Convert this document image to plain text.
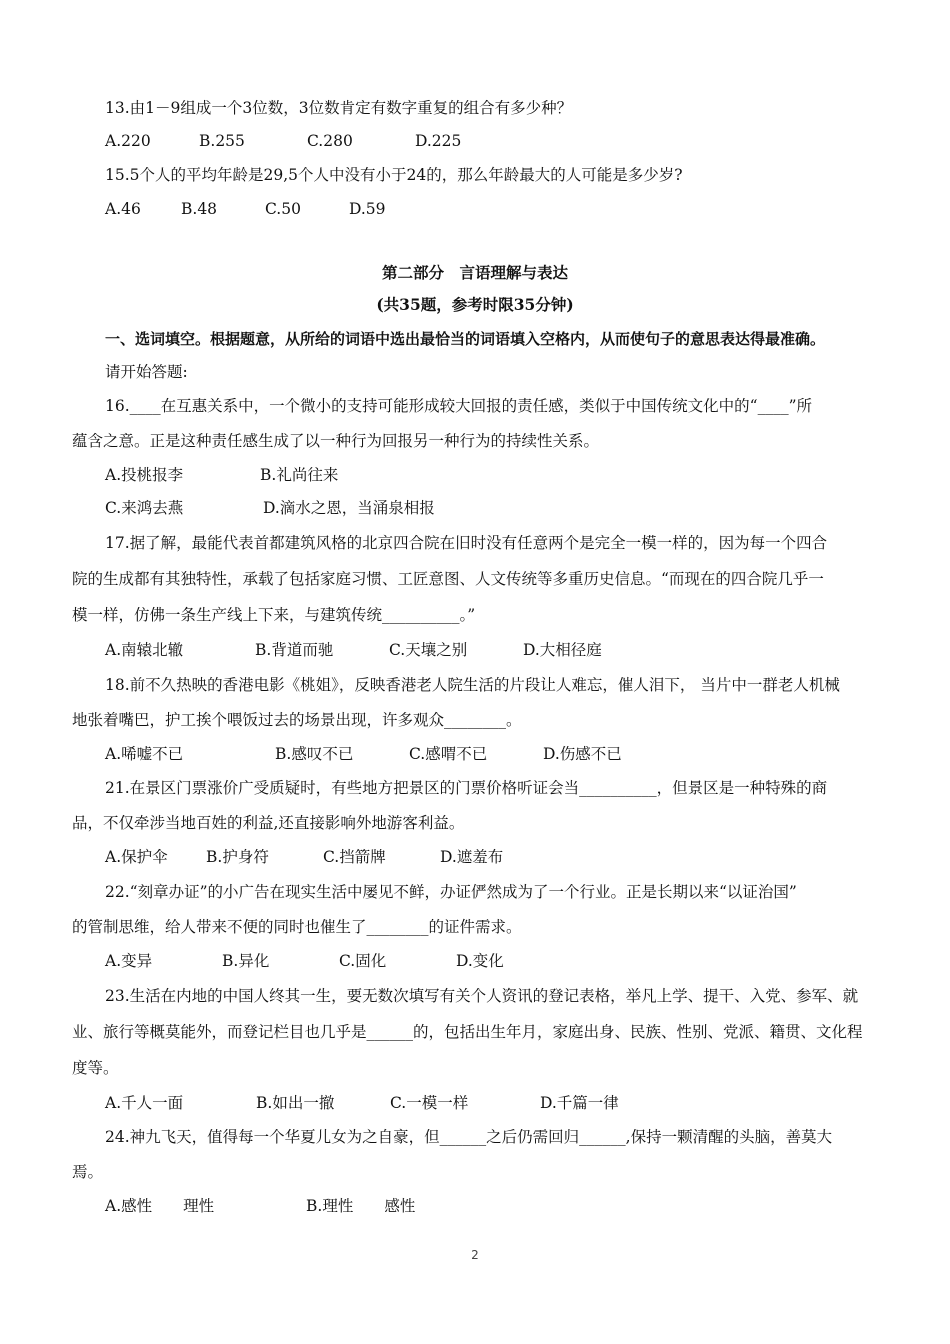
13.由1－9组成一个3位数，3位数肯定有数字重复的组合有多少种？
A.220	B.255	C.280	D.225
15.5个人的平均年龄是29,5个人中没有小于24的，那么年龄最大的人可能是多少岁?
A.46	B.48	C.50	D.59
第二部分　言语理解与表达
(共35题，参考时限35分钟)
一、选词填空。根据题意，从所给的词语中选出最恰当的词语填入空格内，从而使句子的意思表达得最准确。
请开始答题:
16.____在互惠关系中，一个微小的支持可能形成较大回报的责任感，类似于中国传统文化中的“____”所
蕴含之意。正是这种责任感生成了以一种行为回报另一种行为的持续性关系。
A.投桃报李	B.礼尚往来
C.来鸿去燕	D.滴水之恩，当涌泉相报
17.据了解，最能代表首都建筑风格的北京四合院在旧时没有任意两个是完全一模一样的，因为每一个四合
院的生成都有其独特性，承载了包括家庭习惯、工匠意图、人文传统等多重历史信息。“而现在的四合院几乎一
模一样，仿佛一条生产线上下来，与建筑传统__________。”
A.南辕北辙	B.背道而驰	C.天壤之别	D.大相径庭
18.前不久热映的香港电影《桃姐》，反映香港老人院生活的片段让人难忘，催人泪下， 当片中一群老人机械
地张着嘴巴，护工挨个喂饭过去的场景出现，许多观众________。
A.唏嘘不已	B.感叹不已	C.感喟不已	D.伤感不已
21.在景区门票涨价广受质疑时，有些地方把景区的门票价格听证会当__________，但景区是一种特殊的商
品，不仅牵涉当地百姓的利益,还直接影响外地游客利益。
A.保护伞 B.护身符	C.挡箭牌	D.遮羞布
22.“刻章办证”的小广告在现实生活中屡见不鲜，办证俨然成为了一个行业。正是长期以来“以证治国”
的管制思维，给人带来不便的同时也催生了________的证件需求。
A.变异	B.异化	C.固化	D.变化
23.生活在内地的中国人终其一生，要无数次填写有关个人资讯的登记表格，举凡上学、提干、入党、参军、就
业、旅行等概莫能外，而登记栏目也几乎是______的，包括出生年月，家庭出身、民族、性别、党派、籍贯、文化程
度等。
A.千人一面	B.如出一撤	C.一模一样	D.千篇一律
24.神九飞天，值得每一个华夏儿女为之自豪，但______之后仍需回归______,保持一颗清醒的头脑，善莫大
焉。
A.感性　　理性	B.理性　　感性
2
